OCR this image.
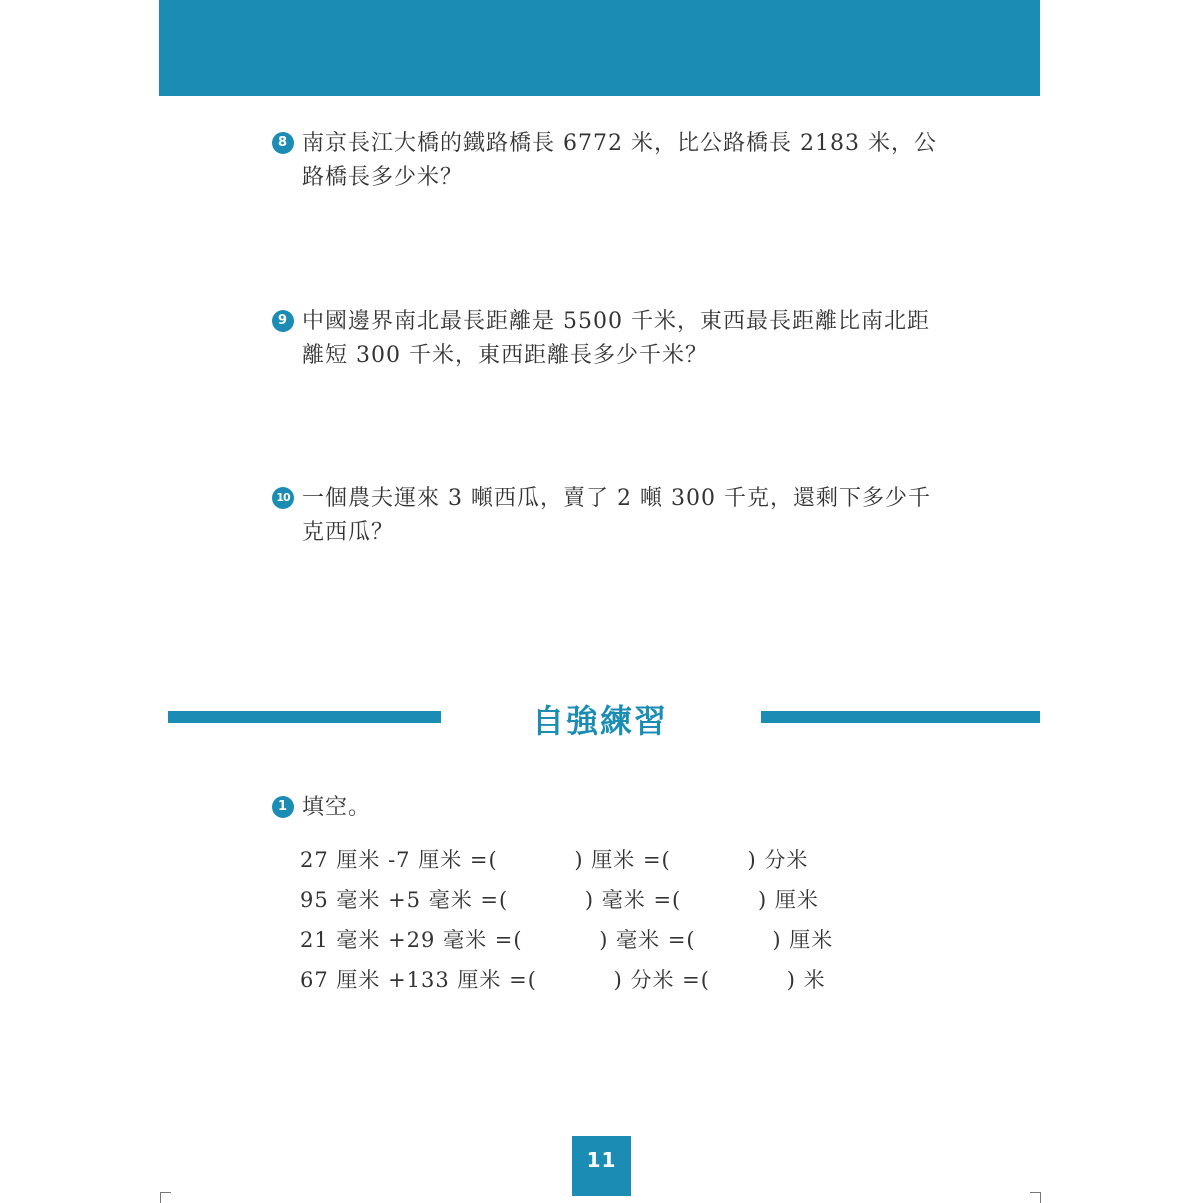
8 南京長江大橋的鐵路橋長 6772 米，比公路橋長 2183 米，公路橋長多少米？
9 中國邊界南北最長距離是 5500 千米，東西最長距離比南北距離短 300 千米，東西距離長多少千米？
10 一個農夫運來 3 噸西瓜，賣了 2 噸 300 千克，還剩下多少千克西瓜？
自強練習
1 填空。
27 厘米 -7 厘米 =(          ) 厘米 =(          ) 分米
95 毫米 +5 毫米 =(          ) 毫米 =(          ) 厘米
21 毫米 +29 毫米 =(          ) 毫米 =(          ) 厘米
67 厘米 +133 厘米 =(          ) 分米 =(          ) 米
11
